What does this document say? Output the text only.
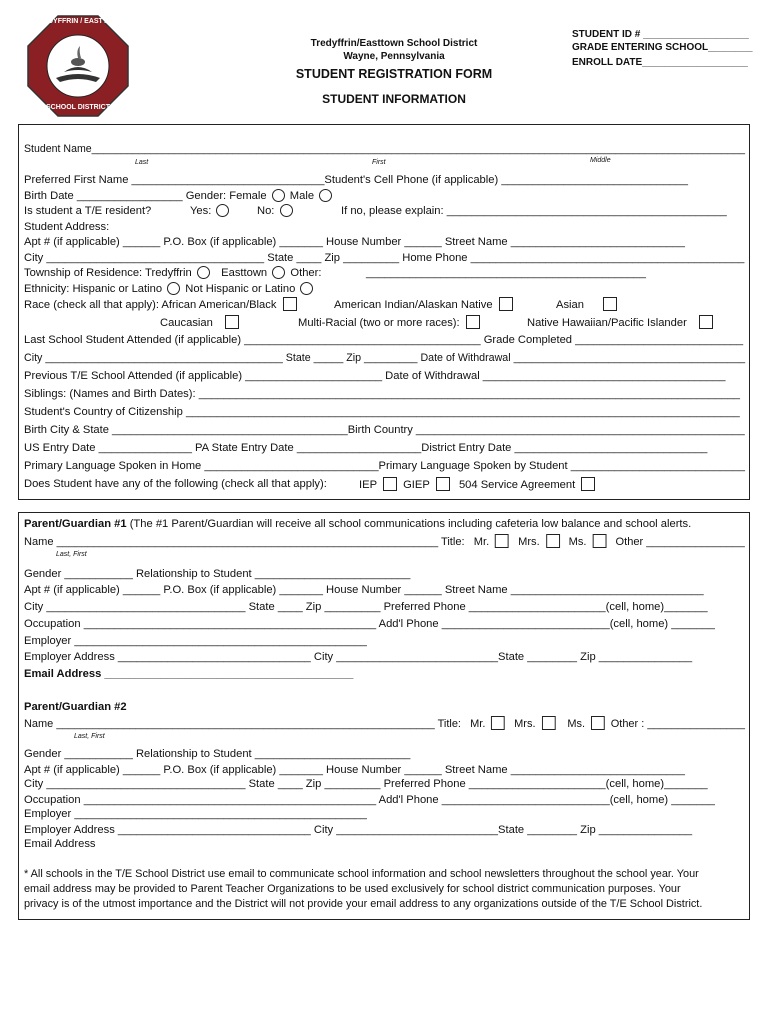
TREDYFFRIN / EASTTOWN
SCHOOL DISTRICT
Tredyffrin/Easttown School District
Wayne, Pennsylvania
STUDENT REGISTRATION FORM
STUDENT INFORMATION
STUDENT ID # ___________________
GRADE ENTERING SCHOOL________
ENROLL DATE___________________
Student Name_______________________________________________________________________________________________________________
Last	First	Middle
Preferred First Name _______________________________Student's Cell Phone (if applicable) ______________________________
Birth Date _________________ Gender: Female Male
Is student a T/E resident?	Yes:	No:	If no, please explain: _____________________________________________
Student Address:
Apt # (if applicable) ______ P.O. Box (if applicable) _______ House Number ______ Street Name ____________________________
City ___________________________________ State ____ Zip _________ Home Phone ____________________________________________
Township of Residence: Tredyffrin	Easttown Other:	_____________________________________________
Ethnicity: Hispanic or Latino Not Hispanic or Latino
Race (check all that apply): African American/Black	American Indian/Alaskan Native	Asian
Caucasian	Multi-Racial (two or more races):	Native Hawaiian/Pacific Islander
Last School Student Attended (if applicable) ______________________________________ Grade Completed ___________________________
City ________________________________________ State _____ Zip _________ Date of Withdrawal _______________________________________
Previous T/E School Attended (if applicable) ______________________ Date of Withdrawal _______________________________________
Siblings: (Names and Birth Dates): _______________________________________________________________________________________
Student's Country of Citizenship _________________________________________________________________________________________
Birth City & State ______________________________________Birth Country _____________________________________________________
US Entry Date _______________ PA State Entry Date ____________________District Entry Date _______________________________
Primary Language Spoken in Home ____________________________Primary Language Spoken by Student ____________________________
Does Student have any of the following (check all that apply):	IEP GIEP	504 Service Agreement
Parent/Guardian #1 (The #1 Parent/Guardian will receive all school communications including cafeteria low balance and school alerts.
Name ______________________________________________________________ Title: Mr.	Mrs.	Ms.	Other ________________
Last, First
Gender ___________ Relationship to Student _________________________
Apt # (if applicable) ______ P.O. Box (if applicable) _______ House Number ______ Street Name _______________________________
City ________________________________ State ____ Zip _________ Preferred Phone ______________________(cell, home)_______
Occupation _______________________________________________ Add'l Phone ___________________________(cell, home) _______
Employer _______________________________________________
Employer Address _______________________________ City __________________________State ________ Zip _______________
Email Address ________________________________________
Parent/Guardian #2
Name ______________________________________________________________ Title: Mr.	Mrs.	Ms. Other : ________________
Last, First
Gender ___________ Relationship to Student _________________________
Apt # (if applicable) ______ P.O. Box (if applicable) _______ House Number ______ Street Name ____________________________
City ________________________________ State ____ Zip _________ Preferred Phone ______________________(cell, home)_______
Occupation _______________________________________________ Add'l Phone ___________________________(cell, home) _______
Employer _______________________________________________
Employer Address _______________________________ City __________________________State ________ Zip _______________
Email Address
* All schools in the T/E School District use email to communicate school information and school newsletters throughout the school year. Your
email address may be provided to Parent Teacher Organizations to be used exclusively for school district communication purposes. Your
privacy is of the utmost importance and the District will not provide your email address to any organizations outside of the T/E School District.
